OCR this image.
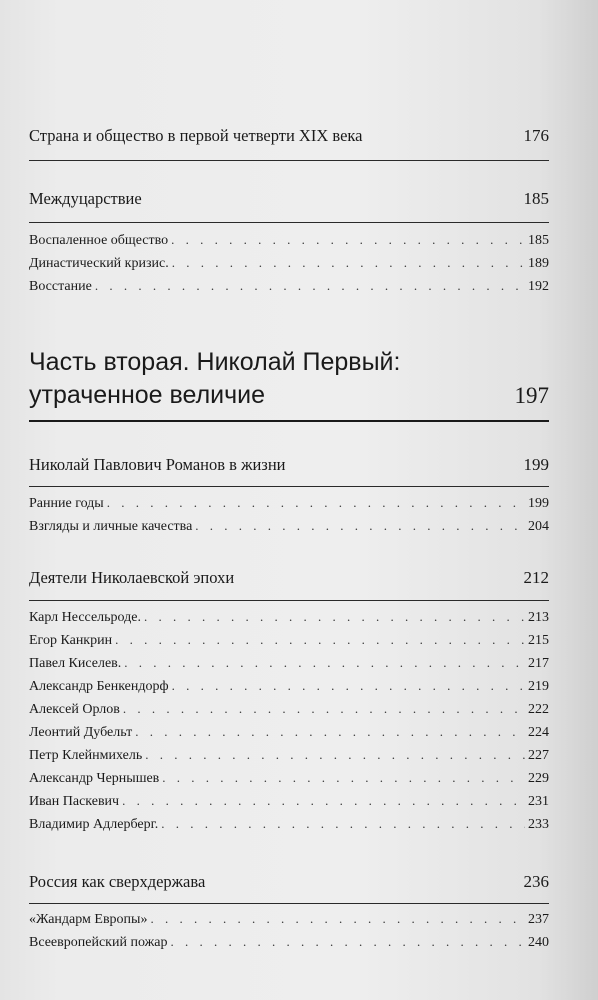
Страна и общество в первой четверти XIX века	176
Междуцарствие	185
Воспаленное общество . . .	185
Династический кризис. . . .	189
Восстание . . .	192
Часть вторая. Николай Первый:
утраченное величие	197
Николай Павлович Романов в жизни	199
Ранние годы . . .	199
Взгляды и личные качества . . .	204
Деятели Николаевской эпохи	212
Карл Нессельроде. . . .	213
Егор Канкрин . . .	215
Павел Киселев. . . .	217
Александр Бенкендорф . . .	219
Алексей Орлов . . .	222
Леонтий Дубельт . . .	224
Петр Клейнмихель . . .	227
Александр Чернышев . . .	229
Иван Паскевич . . .	231
Владимир Адлерберг. . . .	233
Россия как сверхдержава	236
«Жандарм Европы» . . .	237
Всеевропейский пожар . . .	240
